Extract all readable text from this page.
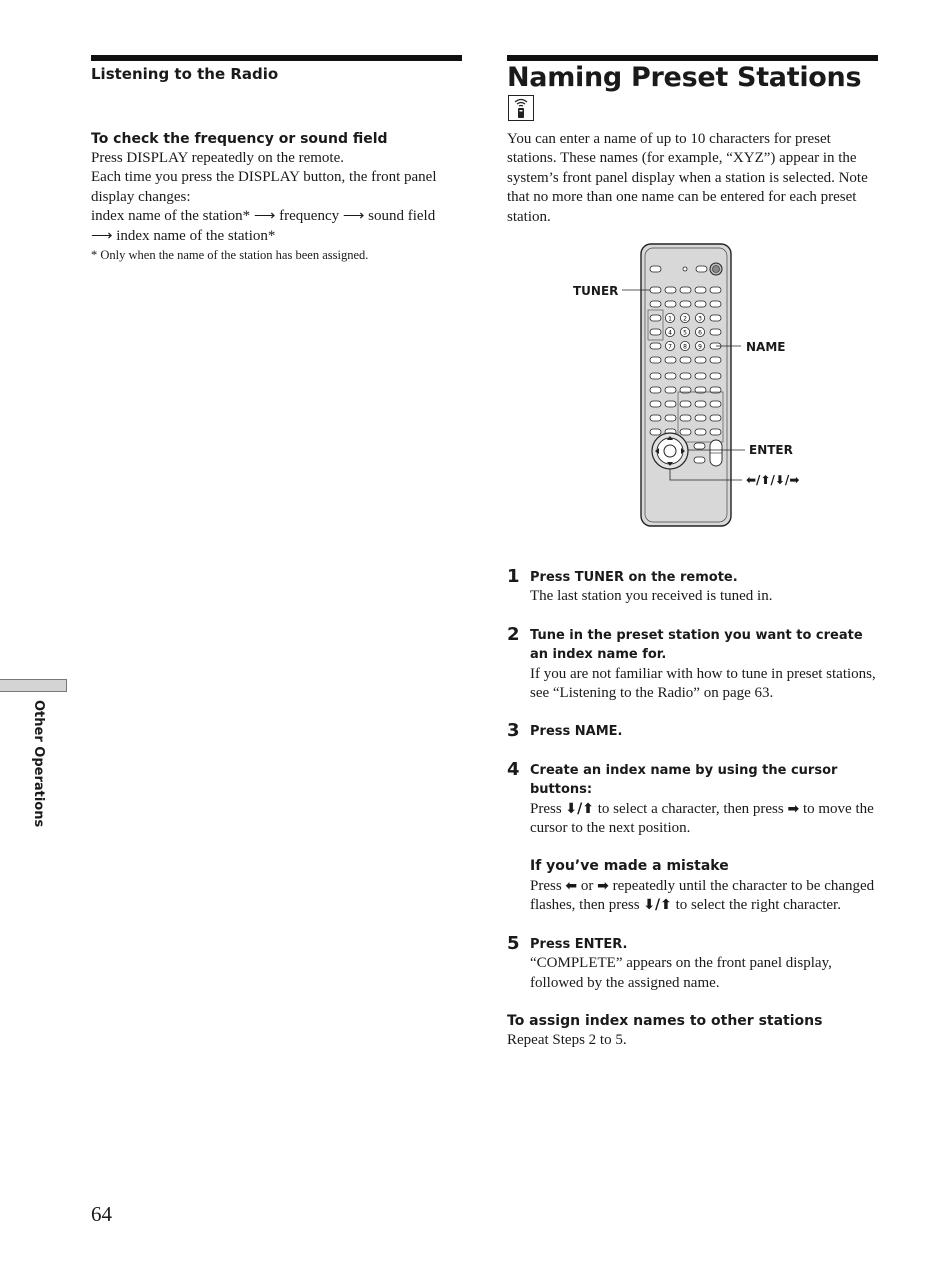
Listening to the Radio
To check the frequency or sound field
Press DISPLAY repeatedly on the remote.
Each time you press the DISPLAY button, the front panel display changes:
index name of the station* ⟶ frequency ⟶ sound field
⟶ index name of the station*
* Only when the name of the station has been assigned.
Naming Preset Stations
You can enter a name of up to 10 characters for preset stations. These names (for example, “XYZ”) appear in the system’s front panel display when a station is selected. Note that no more than one name can be entered for each preset station.
1 2 3
4 5 6
7 8 9
TUNER
NAME
ENTER
⬅/⬆/⬇/➡
1 Press TUNER on the remote.
The last station you received is tuned in.
2 Tune in the preset station you want to create an index name for.
If you are not familiar with how to tune in preset stations, see “Listening to the Radio” on page 63.
3 Press NAME.
4 Create an index name by using the cursor buttons:
Press ⬇/⬆ to select a character, then press ➡ to move the cursor to the next position.
If you’ve made a mistake
Press ⬅ or ➡ repeatedly until the character to be changed flashes, then press ⬇/⬆ to select the right character.
5 Press ENTER.
“COMPLETE” appears on the front panel display, followed by the assigned name.
To assign index names to other stations
Repeat Steps 2 to 5.
Other Operations
64
